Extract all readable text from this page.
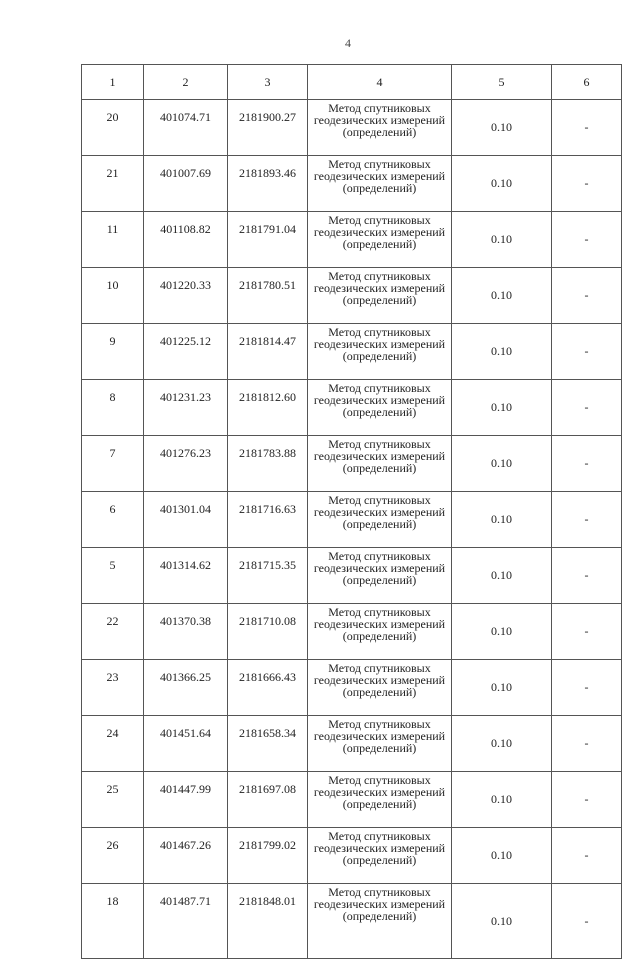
4
1	2	3	4	5	6
20	401074.71	2181900.27	Метод спутниковых
геодезических измерений
(определений)	0.10	-
21	401007.69	2181893.46	Метод спутниковых
геодезических измерений
(определений)	0.10	-
11	401108.82	2181791.04	Метод спутниковых
геодезических измерений
(определений)	0.10	-
10	401220.33	2181780.51	Метод спутниковых
геодезических измерений
(определений)	0.10	-
9	401225.12	2181814.47	Метод спутниковых
геодезических измерений
(определений)	0.10	-
8	401231.23	2181812.60	Метод спутниковых
геодезических измерений
(определений)	0.10	-
7	401276.23	2181783.88	Метод спутниковых
геодезических измерений
(определений)	0.10	-
6	401301.04	2181716.63	Метод спутниковых
геодезических измерений
(определений)	0.10	-
5	401314.62	2181715.35	Метод спутниковых
геодезических измерений
(определений)	0.10	-
22	401370.38	2181710.08	Метод спутниковых
геодезических измерений
(определений)	0.10	-
23	401366.25	2181666.43	Метод спутниковых
геодезических измерений
(определений)	0.10	-
24	401451.64	2181658.34	Метод спутниковых
геодезических измерений
(определений)	0.10	-
25	401447.99	2181697.08	Метод спутниковых
геодезических измерений
(определений)	0.10	-
26	401467.26	2181799.02	Метод спутниковых
геодезических измерений
(определений)	0.10	-
18	401487.71	2181848.01	Метод спутниковых
геодезических измерений
(определений)	0.10	-
